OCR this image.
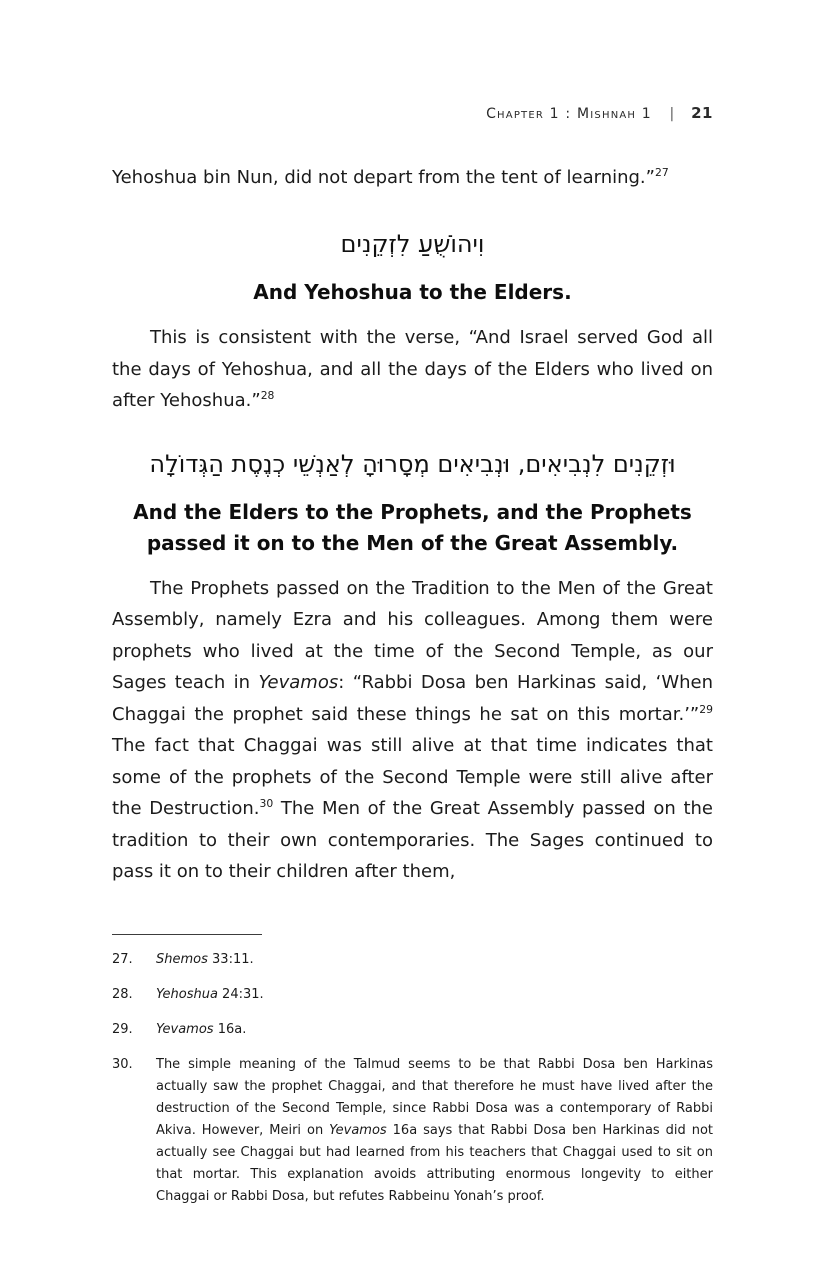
Chapter 1 : Mishnah 1 | 21

Yehoshua bin Nun, did not depart from the tent of learning.”$^{27}$

וִיהוֹשֻׁעַ לִזְקֵנִים
And Yehoshua to the Elders.

This is consistent with the verse, “And Israel served God all the days of Yehoshua, and all the days of the Elders who lived on after Yehoshua.”$^{28}$

וּזְקֵנִים לִנְבִיאִים, וּנְבִיאִים מְסָרוּהָ לְאַנְשֵׁי כְנֶסֶת הַגְּדוֹלָה
And the Elders to the Prophets, and the Prophets passed it on to the Men of the Great Assembly.

The Prophets passed on the Tradition to the Men of the Great Assembly, namely Ezra and his colleagues. Among them were prophets who lived at the time of the Second Temple, as our Sages teach in Yevamos: “Rabbi Dosa ben Harkinas said, ‘When Chaggai the prophet said these things he sat on this mortar.’”$^{29}$ The fact that Chaggai was still alive at that time indicates that some of the prophets of the Second Temple were still alive after the Destruction.$^{30}$ The Men of the Great Assembly passed on the tradition to their own contemporaries. The Sages continued to pass it on to their children after them,

27.	Shemos 33:11.
28.	Yehoshua 24:31.
29.	Yevamos 16a.
30.	The simple meaning of the Talmud seems to be that Rabbi Dosa ben Harkinas actually saw the prophet Chaggai, and that therefore he must have lived after the destruction of the Second Temple, since Rabbi Dosa was a contemporary of Rabbi Akiva. However, Meiri on Yevamos 16a says that Rabbi Dosa ben Harkinas did not actually see Chaggai but had learned from his teachers that Chaggai used to sit on that mortar. This explanation avoids attributing enormous longevity to either Chaggai or Rabbi Dosa, but refutes Rabbeinu Yonah’s proof.
